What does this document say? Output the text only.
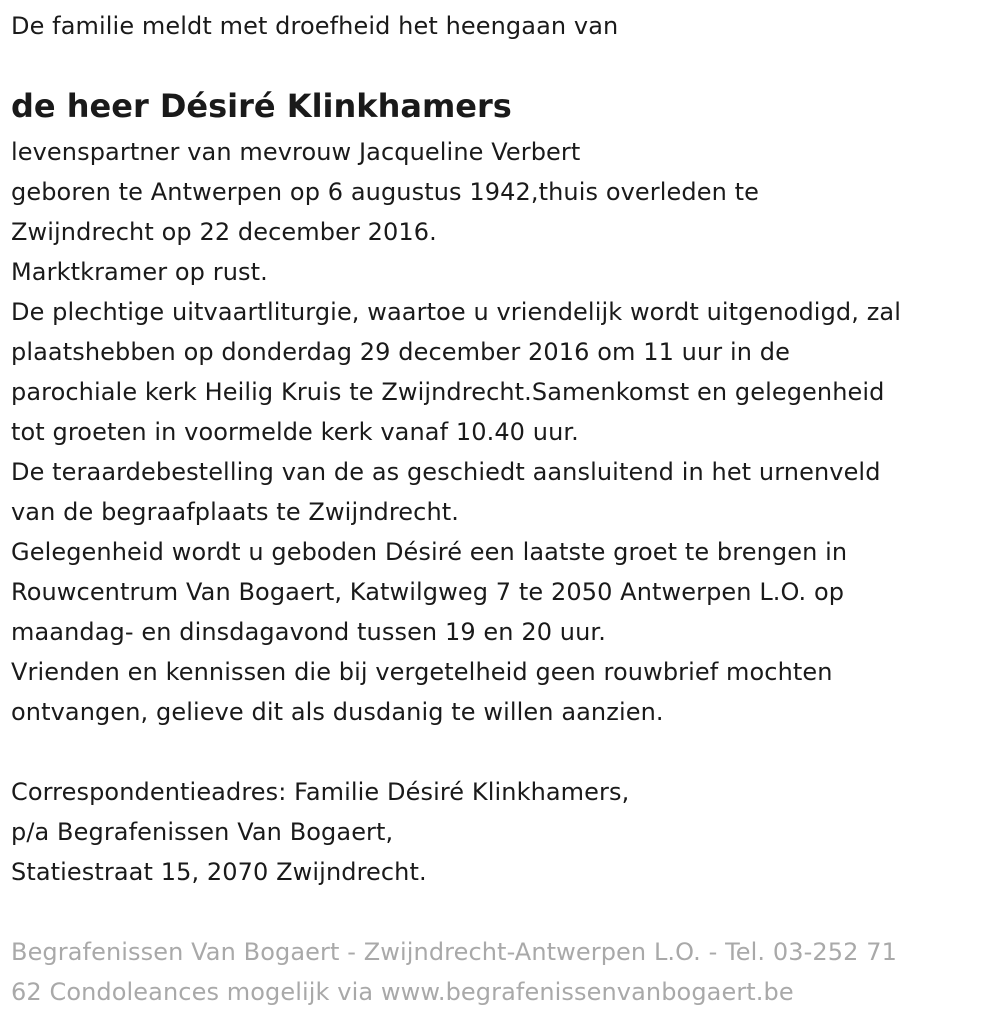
De familie meldt met droefheid het heengaan van
de heer Désiré Klinkhamers
levenspartner van mevrouw Jacqueline Verbert
geboren te Antwerpen op 6 augustus 1942,thuis overleden te
Zwijndrecht op 22 december 2016.
Marktkramer op rust.
De plechtige uitvaartliturgie, waartoe u vriendelijk wordt uitgenodigd, zal
plaatshebben op donderdag 29 december 2016 om 11 uur in de
parochiale kerk Heilig Kruis te Zwijndrecht.Samenkomst en gelegenheid
tot groeten in voormelde kerk vanaf 10.40 uur.
De teraardebestelling van de as geschiedt aansluitend in het urnenveld
van de begraafplaats te Zwijndrecht.
Gelegenheid wordt u geboden Désiré een laatste groet te brengen in
Rouwcentrum Van Bogaert, Katwilgweg 7 te 2050 Antwerpen L.O. op
maandag- en dinsdagavond tussen 19 en 20 uur.
Vrienden en kennissen die bij vergetelheid geen rouwbrief mochten
ontvangen, gelieve dit als dusdanig te willen aanzien.
Correspondentieadres: Familie Désiré Klinkhamers,
p/a Begrafenissen Van Bogaert,
Statiestraat 15, 2070 Zwijndrecht.
Begrafenissen Van Bogaert - Zwijndrecht-Antwerpen L.O. - Tel. 03-252 71
62 Condoleances mogelijk via www.begrafenissenvanbogaert.be
